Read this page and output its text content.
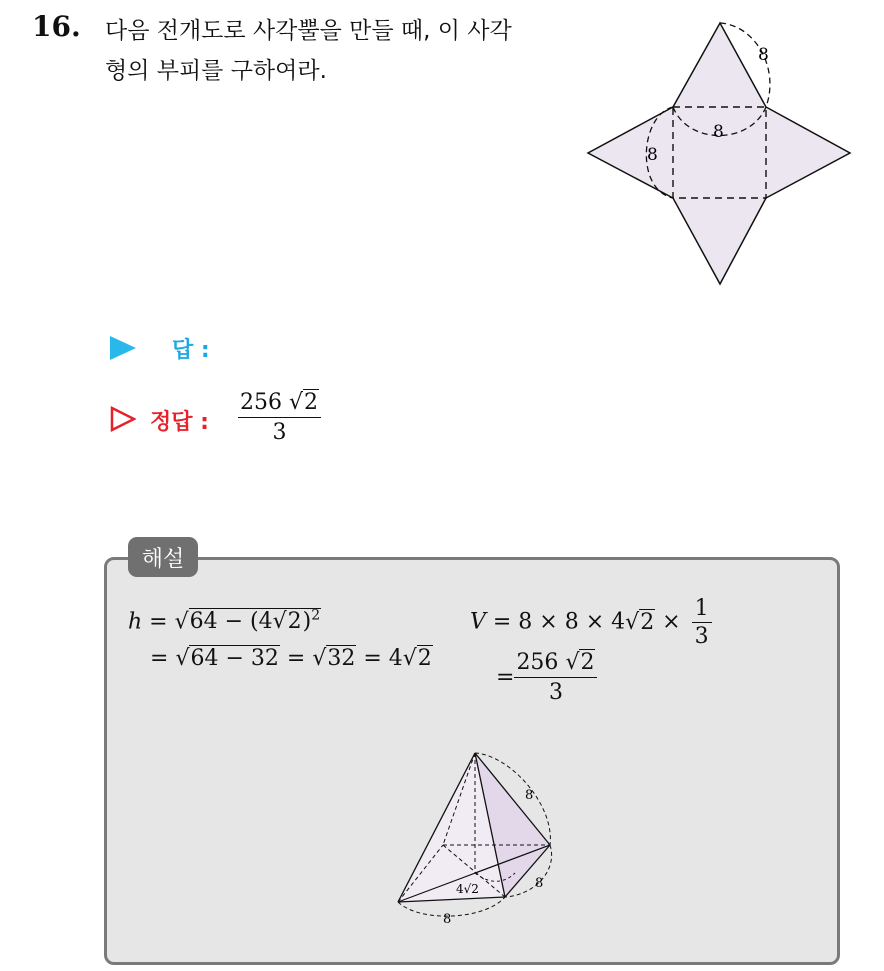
16. 다음 전개도로 사각뿔을 만들 때, 이 사각
형의 부피를 구하여라.
8
8
8
답 :
정답 : $\frac{256 √2}{3}$
해설
$h = √64 - (4√2)^2$
= √64 − 32 = √32 = 4√2
$V = 8 \times 8 \times 4√2 \times \frac{1}{3}$
= $\frac{256 √2}{3}$
8
4√2	8
8
